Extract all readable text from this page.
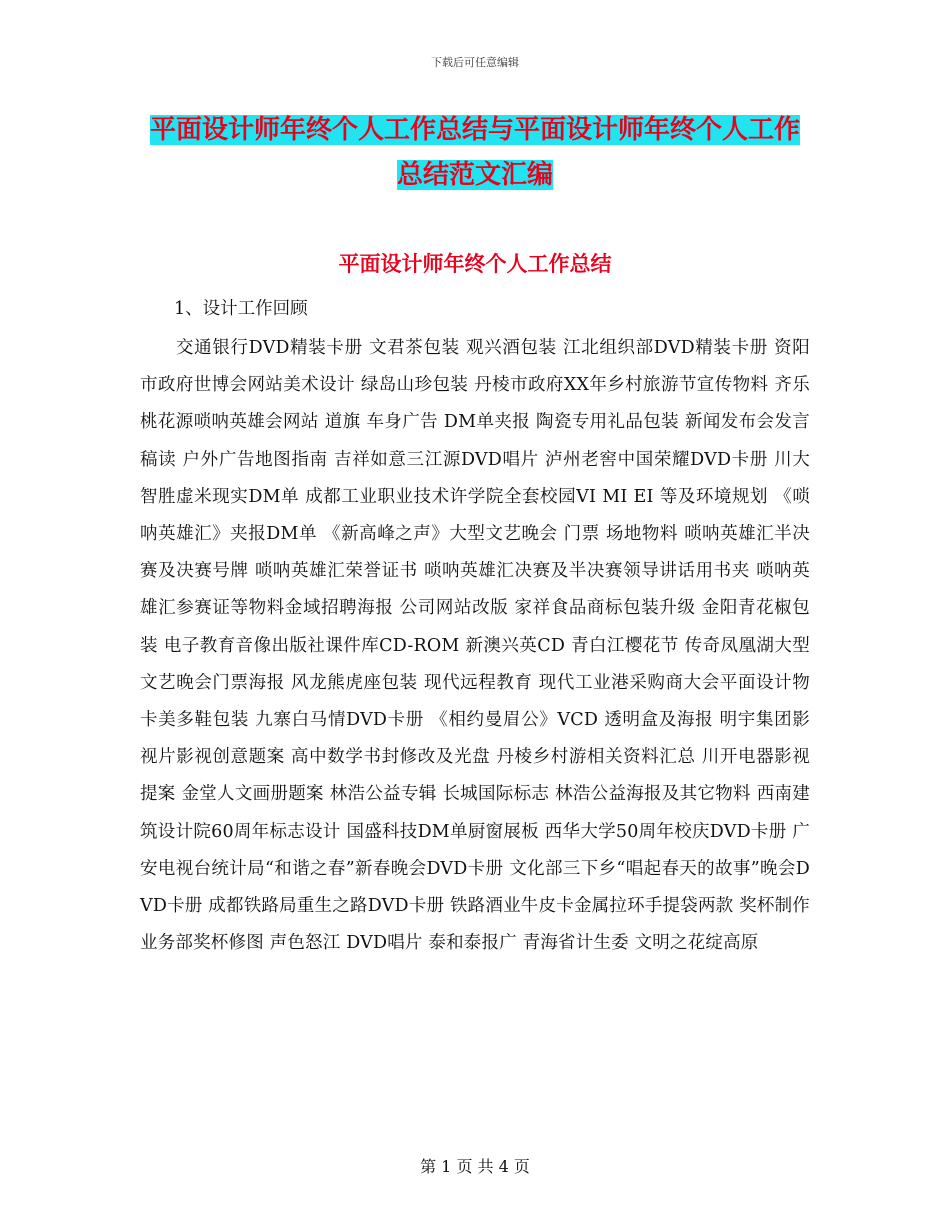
下载后可任意编辑
平面设计师年终个人工作总结与平面设计师年终个人工作总结范文汇编
平面设计师年终个人工作总结
1、设计工作回顾
交通银行DVD精装卡册 文君茶包装 观兴酒包装 江北组织部DVD精装卡册 资阳市政府世博会网站美术设计 绿岛山珍包装 丹棱市政府XX年乡村旅游节宣传物料 齐乐桃花源唢呐英雄会网站 道旗 车身广告 DM单夹报 陶瓷专用礼品包装 新闻发布会发言稿读 户外广告地图指南 吉祥如意三江源DVD唱片 泸州老窖中国荣耀DVD卡册 川大智胜虚米现实DM单 成都工业职业技术许学院全套校园VI MI EI 等及环境规划 《唢呐英雄汇》夹报DM单 《新高峰之声》大型文艺晚会 门票 场地物料 唢呐英雄汇半决赛及决赛号牌 唢呐英雄汇荣誉证书 唢呐英雄汇决赛及半决赛领导讲话用书夹 唢呐英雄汇参赛证等物料金域招聘海报 公司网站改版 家祥食品商标包装升级 金阳青花椒包装 电子教育音像出版社课件库CD-ROM 新澳兴英CD 青白江樱花节 传奇凤凰湖大型文艺晚会门票海报 风龙熊虎座包装 现代远程教育 现代工业港采购商大会平面设计物 卡美多鞋包装 九寨白马情DVD卡册 《相约曼眉公》VCD 透明盒及海报 明宇集团影视片影视创意题案 高中数学书封修改及光盘 丹棱乡村游相关资料汇总 川开电器影视提案 金堂人文画册题案 林浩公益专辑 长城国际标志 林浩公益海报及其它物料 西南建筑设计院60周年标志设计 国盛科技DM单厨窗展板 西华大学50周年校庆DVD卡册 广安电视台统计局“和谐之春”新春晚会DVD卡册 文化部三下乡“唱起春天的故事”晚会DVD卡册 成都铁路局重生之路DVD卡册 铁路酒业牛皮卡金属拉环手提袋两款 奖杯制作业务部奖杯修图 声色怒江 DVD唱片 泰和泰报广 青海省计生委 文明之花绽高原
第 1 页 共 4 页
